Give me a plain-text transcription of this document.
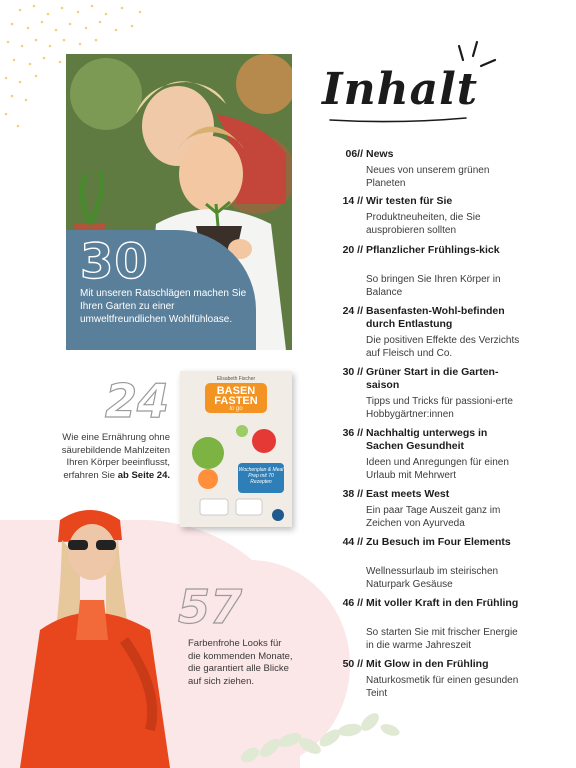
30
Mit unseren Ratschlägen machen Sie Ihren Garten zu einer umweltfreundlichen Wohlfühloase.
24
Wie eine Ernährung ohne säurebildende Mahlzeiten Ihren Körper beeinflusst, erfahren Sie ab Seite 24.
Elisabeth Fischer
BASEN
FASTEN
to go
Wochenplan & Meal Prep mit 70 Rezepten
57
Farbenfrohe Looks für die kommenden Monate, die garantiert alle Blicke auf sich ziehen.
Inhalt
06// News
Neues von unserem grünen Planeten
14 // Wir testen für Sie
Produktneuheiten, die Sie ausprobieren sollten
20 // Pflanzlicher Frühlings-kick
So bringen Sie Ihren Körper in Balance
24 // Basenfasten-Wohl-befinden durch Entlastung
Die positiven Effekte des Verzichts auf Fleisch und Co.
30 // Grüner Start in die Garten-saison
Tipps und Tricks für passioni-erte Hobbygärtner:innen
36 // Nachhaltig unterwegs in Sachen Gesundheit
Ideen und Anregungen für einen Urlaub mit Mehrwert
38 // East meets West
Ein paar Tage Auszeit ganz im Zeichen von Ayurveda
44 // Zu Besuch im Four Elements
Wellnessurlaub im steirischen Naturpark Gesäuse
46 // Mit voller Kraft in den Frühling
So starten Sie mit frischer Energie in die warme Jahreszeit
50 // Mit Glow in den Frühling
Naturkosmetik für einen gesunden Teint
